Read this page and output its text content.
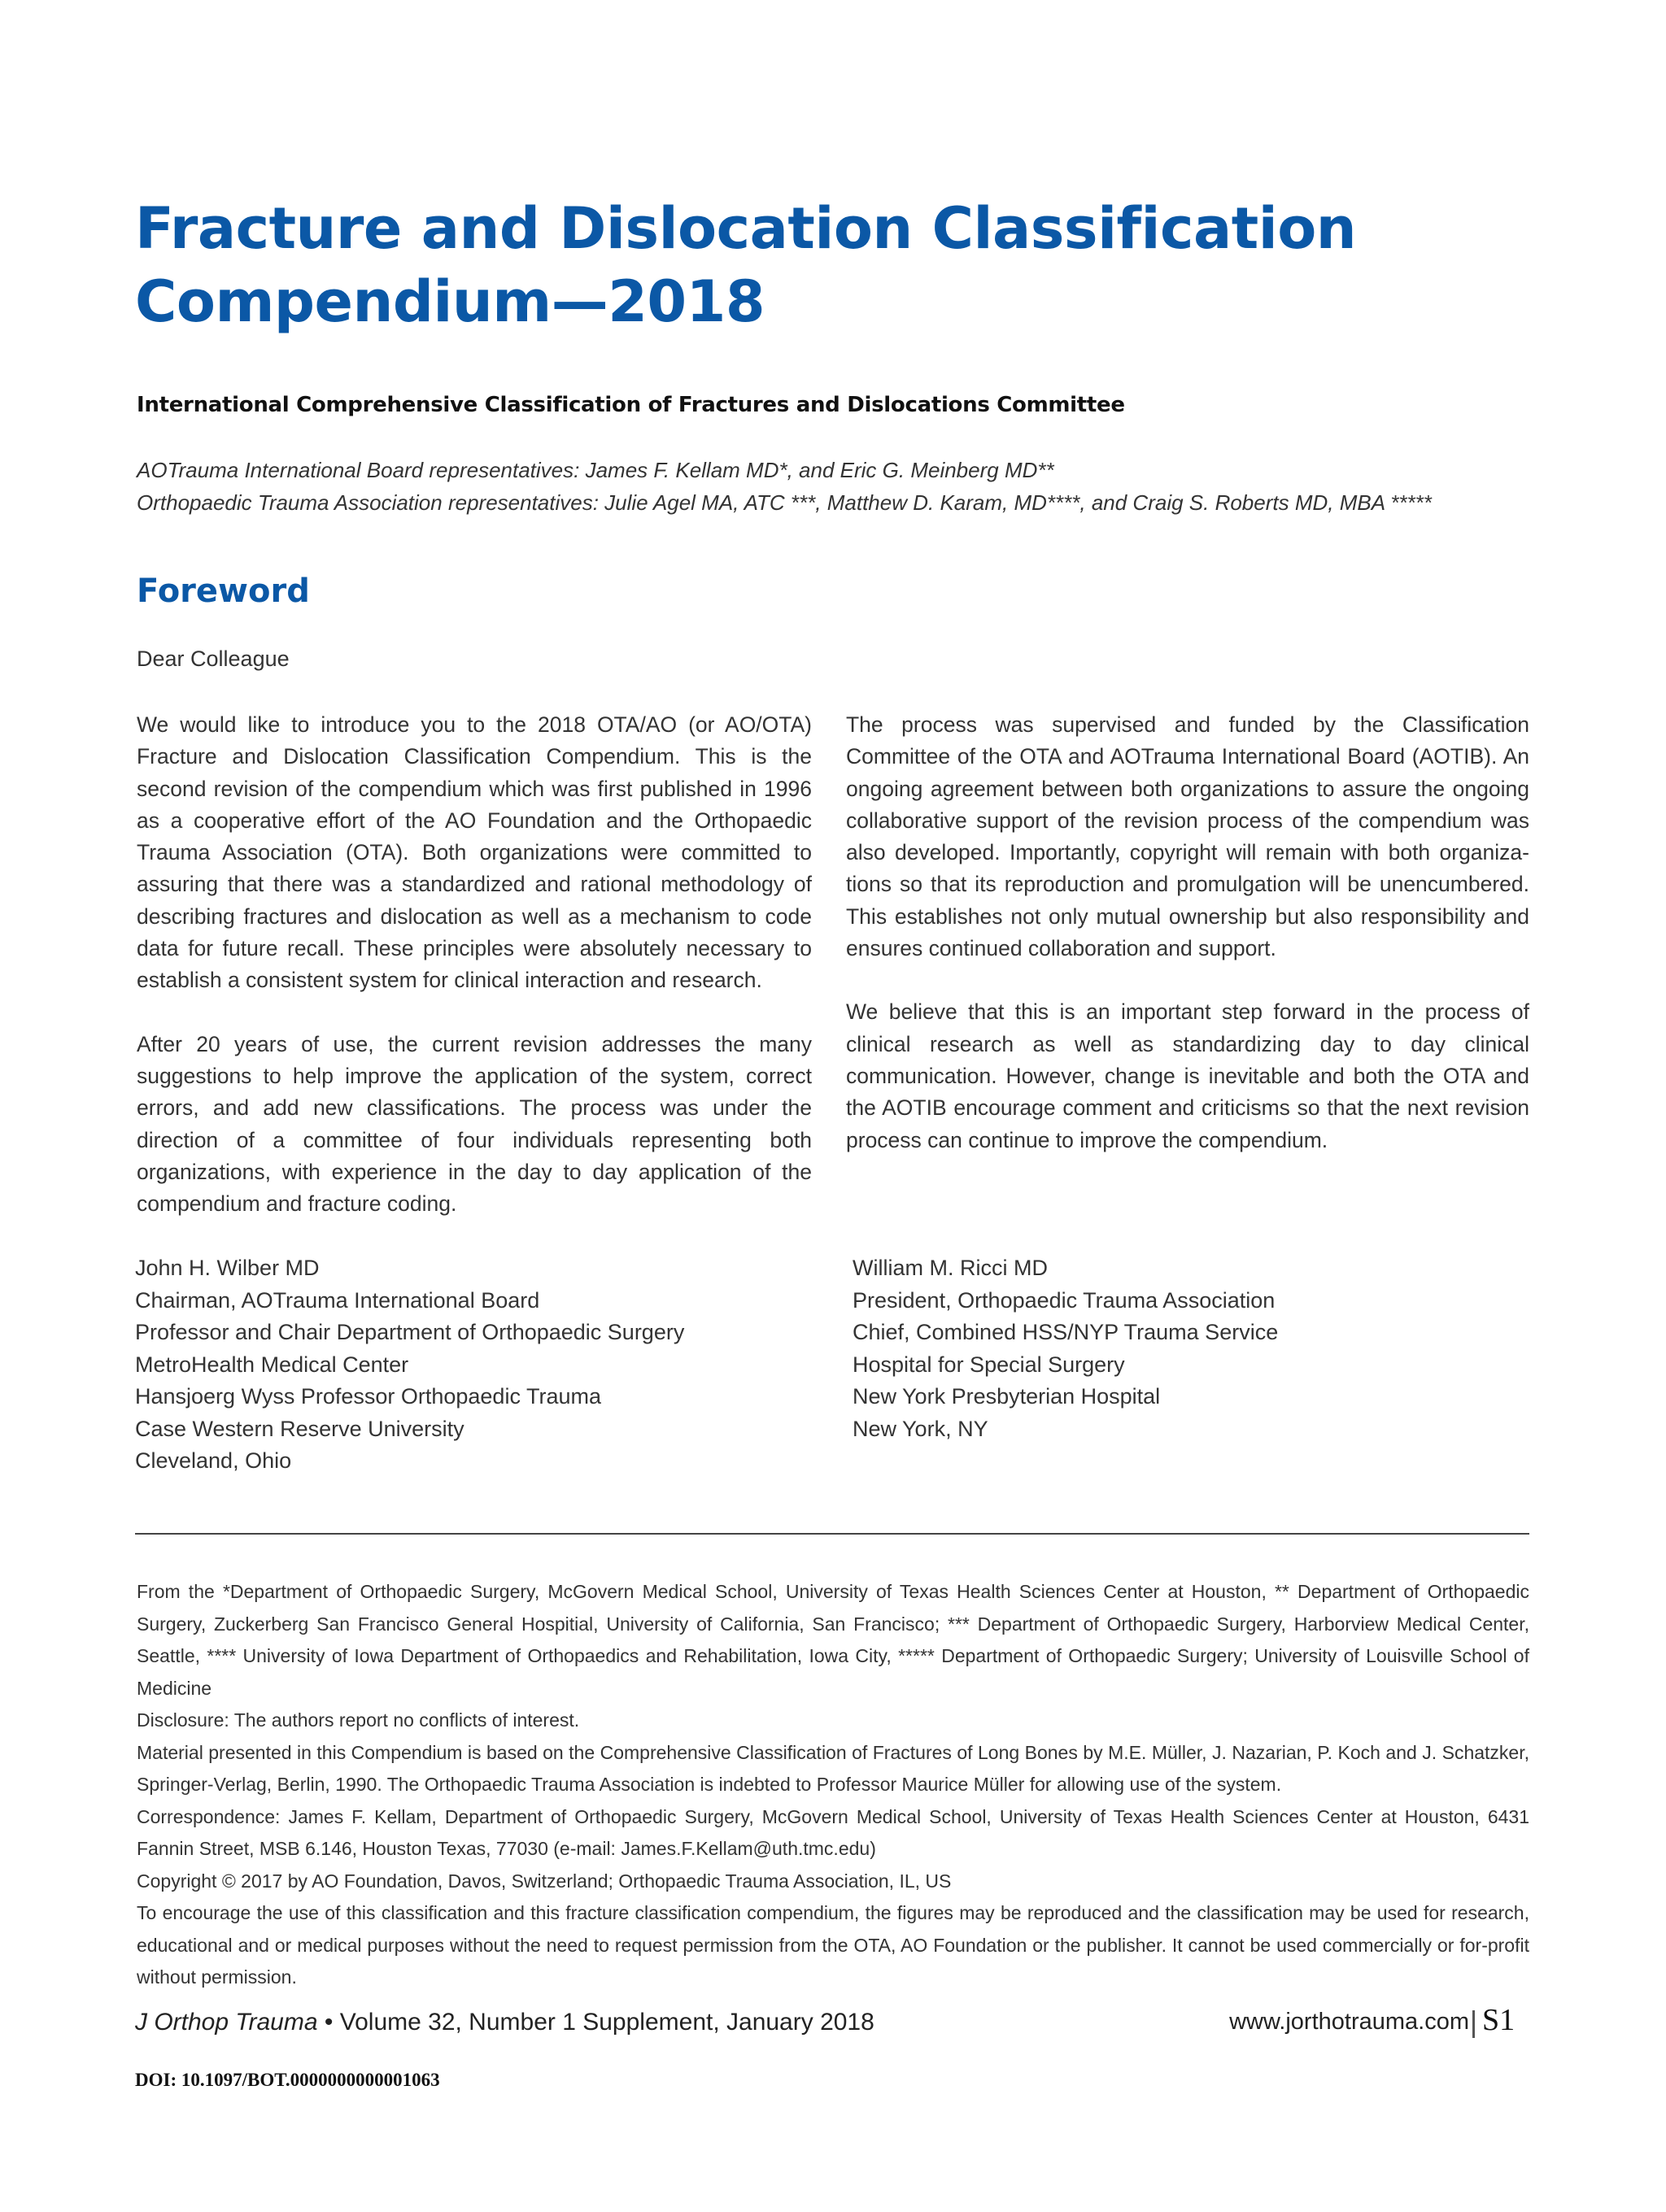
Fracture and Dislocation Classification
Compendium—2018
International Comprehensive Classification of Fractures and Dislocations Committee
AOTrauma International Board representatives: James F. Kellam MD*, and Eric G. Meinberg MD**
Orthopaedic Trauma Association representatives: Julie Agel MA, ATC ***, Matthew D. Karam, MD****, and Craig S. Roberts MD, MBA *****
Foreword
Dear Colleague

We would like to introduce you to the 2018 OTA/AO (or AO/OTA) Fracture and Dislocation Classification Compendium. This is the second revision of the compendium which was first published in 1996 as a cooperative effort of the AO Foundation and the Orthopaedic Trauma Association (OTA). Both organizations were committed to assuring that there was a standardized and rational methodology of describing fractures and dislocation as well as a mechanism to code data for future recall. These principles were absolutely necessary to establish a consistent system for clinical interaction and research.

After 20 years of use, the current revision addresses the many suggestions to help improve the application of the system, correct errors, and add new classifications. The process was under the direction of a committee of four individuals representing both organizations, with experience in the day to day application of the compendium and fracture coding.

The process was supervised and funded by the Classification Committee of the OTA and AOTrauma International Board (AOTIB). An ongoing agreement between both organizations to assure the ongoing collaborative support of the revision process of the compendium was also developed. Importantly, copyright will remain with both organizations so that its reproduction and promulgation will be unencumbered. This establishes not only mutual ownership but also responsibility and ensures continued collaboration and support.

We believe that this is an important step forward in the process of clinical research as well as standardizing day to day clinical communication. However, change is inevitable and both the OTA and the AOTIB encourage comment and criticisms so that the next revision process can continue to improve the compendium.

John H. Wilber MD
Chairman, AOTrauma International Board
Professor and Chair Department of Orthopaedic Surgery
MetroHealth Medical Center
Hansjoerg Wyss Professor Orthopaedic Trauma
Case Western Reserve University
Cleveland, Ohio
William M. Ricci MD
President, Orthopaedic Trauma Association
Chief, Combined HSS/NYP Trauma Service
Hospital for Special Surgery
New York Presbyterian Hospital
New York, NY

From the *Department of Orthopaedic Surgery, McGovern Medical School, University of Texas Health Sciences Center at Houston, ** Department of Orthopaedic Surgery, Zuckerberg San Francisco General Hospitial, University of California, San Francisco; *** Department of Orthopaedic Surgery, Harborview Medical Center, Seattle, **** University of Iowa Department of Orthopaedics and Rehabilitation, Iowa City, ***** Department of Orthopaedic Surgery; University of Louisville School of Medicine

Disclosure: The authors report no conflicts of interest.

Material presented in this Compendium is based on the Comprehensive Classification of Fractures of Long Bones by M.E. Müller, J. Nazarian, P. Koch and J. Schatzker, Springer-Verlag, Berlin, 1990. The Orthopaedic Trauma Association is indebted to Professor Maurice Müller for allowing use of the system.

Correspondence: James F. Kellam, Department of Orthopaedic Surgery, McGovern Medical School, University of Texas Health Sciences Center at Houston, 6431 Fannin Street, MSB 6.146, Houston Texas, 77030 (e-mail: James.F.Kellam@uth.tmc.edu)

Copyright © 2017 by AO Foundation, Davos, Switzerland; Orthopaedic Trauma Association, IL, US

To encourage the use of this classification and this fracture classification compendium, the figures may be reproduced and the classification may be used for research, educational and or medical purposes without the need to request permission from the OTA, AO Foundation or the publisher. It cannot be used commercially or for-profit without permission.

J Orthop Trauma • Volume 32, Number 1 Supplement, January 2018	www.jorthotrauma.com S1
DOI: 10.1097/BOT.0000000000001063
